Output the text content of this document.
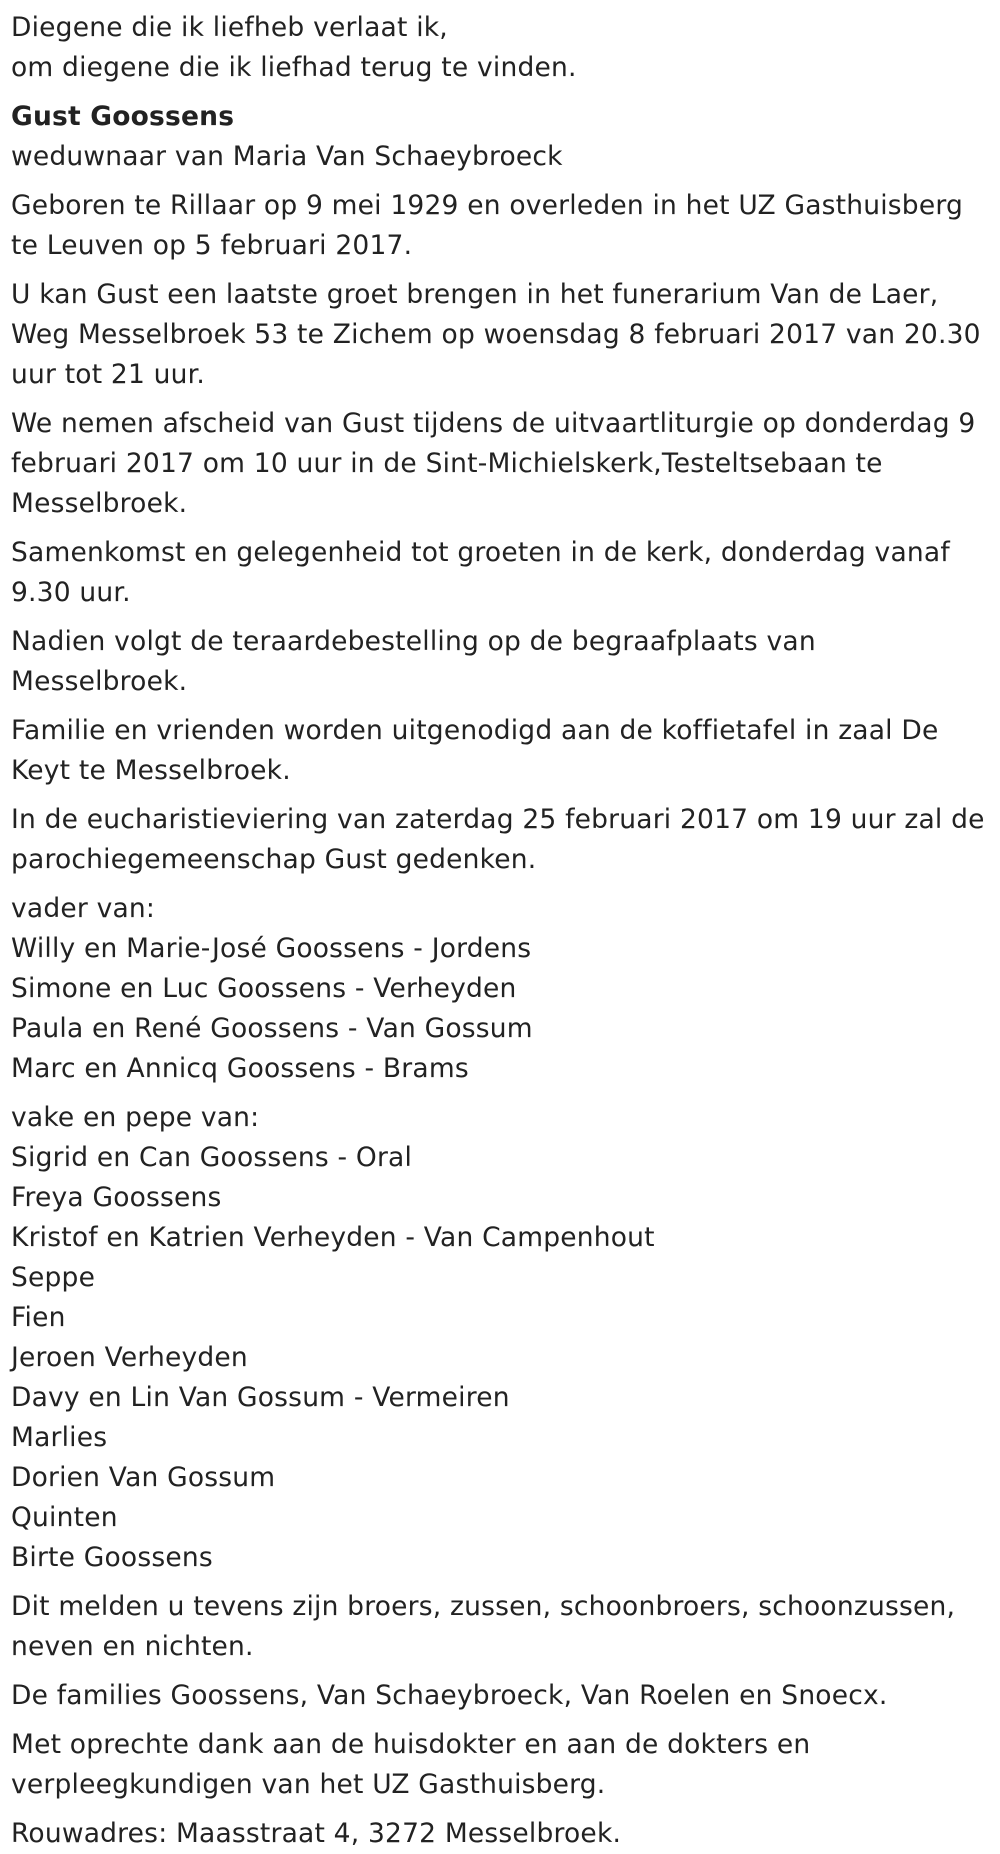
Diegene die ik liefheb verlaat ik,
om diegene die ik liefhad terug te vinden.
Gust Goossens
weduwnaar van Maria Van Schaeybroeck

Geboren te Rillaar op 9 mei 1929 en overleden in het UZ Gasthuisberg te Leuven op 5 februari 2017.

U kan Gust een laatste groet brengen in het funerarium Van de Laer, Weg Messelbroek 53 te Zichem op woensdag 8 februari 2017 van 20.30 uur tot 21 uur.

We nemen afscheid van Gust tijdens de uitvaartliturgie op donderdag 9 februari 2017 om 10 uur in de Sint-Michielskerk,Testeltsebaan te Messelbroek.

Samenkomst en gelegenheid tot groeten in de kerk, donderdag vanaf 9.30 uur.

Nadien volgt de teraardebestelling op de begraafplaats van Messelbroek.

Familie en vrienden worden uitgenodigd aan de koffietafel in zaal De Keyt te Messelbroek.

In de eucharistieviering van zaterdag 25 februari 2017 om 19 uur zal de parochiegemeenschap Gust gedenken.

vader van:
Willy en Marie-José Goossens - Jordens
Simone en Luc Goossens - Verheyden
Paula en René Goossens - Van Gossum
Marc en Annicq Goossens - Brams
vake en pepe van:
Sigrid en Can Goossens - Oral
Freya Goossens
Kristof en Katrien Verheyden - Van Campenhout
Seppe
Fien
Jeroen Verheyden
Davy en Lin Van Gossum - Vermeiren
Marlies
Dorien Van Gossum
Quinten
Birte Goossens

Dit melden u tevens zijn broers, zussen, schoonbroers, schoonzussen, neven en nichten.

De families Goossens, Van Schaeybroeck, Van Roelen en Snoecx.

Met oprechte dank aan de huisdokter en aan de dokters en verpleegkundigen van het UZ Gasthuisberg.

Rouwadres: Maasstraat 4, 3272 Messelbroek.
